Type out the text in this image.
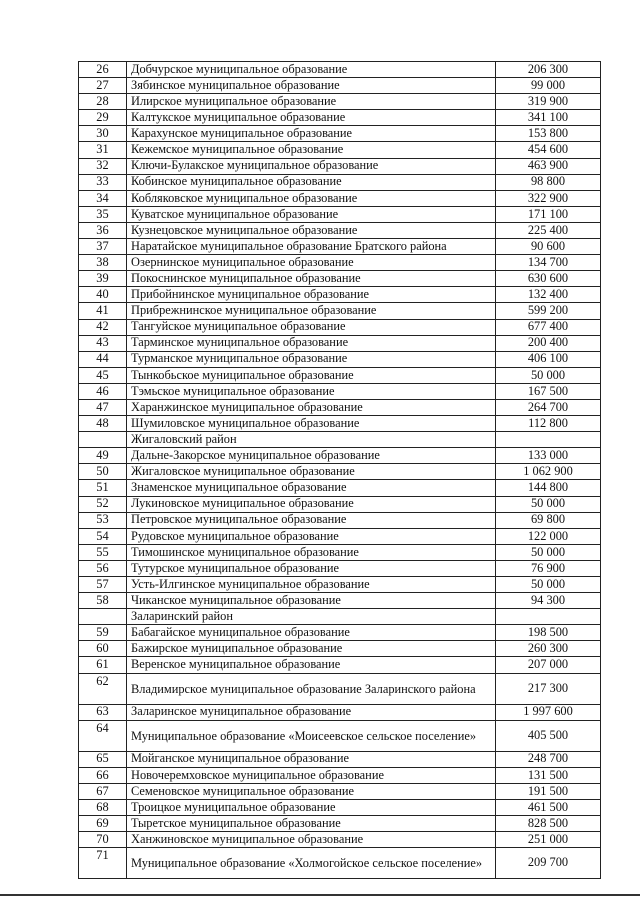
26	Добчурское муниципальное образование	206 300
27	Зябинское муниципальное образование	99 000
28	Илирское муниципальное образование	319 900
29	Калтукское муниципальное образование	341 100
30	Карахунское муниципальное образование	153 800
31	Кежемское муниципальное образование	454 600
32	Ключи-Булакское муниципальное образование	463 900
33	Кобинское муниципальное образование	98 800
34	Кобляковское муниципальное образование	322 900
35	Куватское муниципальное образование	171 100
36	Кузнецовское муниципальное образование	225 400
37	Наратайское муниципальное образование Братского района	90 600
38	Озернинское муниципальное образование	134 700
39	Покоснинское муниципальное образование	630 600
40	Прибойнинское муниципальное образование	132 400
41	Прибрежнинское муниципальное образование	599 200
42	Тангуйское муниципальное образование	677 400
43	Тарминское муниципальное образование	200 400
44	Турманское муниципальное образование	406 100
45	Тынкобьское муниципальное образование	50 000
46	Тэмьское муниципальное образование	167 500
47	Харанжинское муниципальное образование	264 700
48	Шумиловское муниципальное образование	112 800
	Жигаловский район	
49	Дальне-Закорское муниципальное образование	133 000
50	Жигаловское муниципальное образование	1 062 900
51	Знаменское муниципальное образование	144 800
52	Лукиновское муниципальное образование	50 000
53	Петровское муниципальное образование	69 800
54	Рудовское муниципальное образование	122 000
55	Тимошинское муниципальное образование	50 000
56	Тутурское муниципальное образование	76 900
57	Усть-Илгинское муниципальное образование	50 000
58	Чиканское муниципальное образование	94 300
	Заларинский район	
59	Бабагайское муниципальное образование	198 500
60	Бажирское муниципальное образование	260 300
61	Веренское муниципальное образование	207 000
62	Владимирское муниципальное образование Заларинского района	217 300
63	Заларинское муниципальное образование	1 997 600
64	Муниципальное образование «Моисеевское сельское поселение»	405 500
65	Мойганское муниципальное образование	248 700
66	Новочеремховское муниципальное образование	131 500
67	Семеновское муниципальное образование	191 500
68	Троицкое муниципальное образование	461 500
69	Тыретское муниципальное образование	828 500
70	Ханжиновское муниципальное образование	251 000
71	Муниципальное образование «Холмогойское сельское поселение»	209 700
